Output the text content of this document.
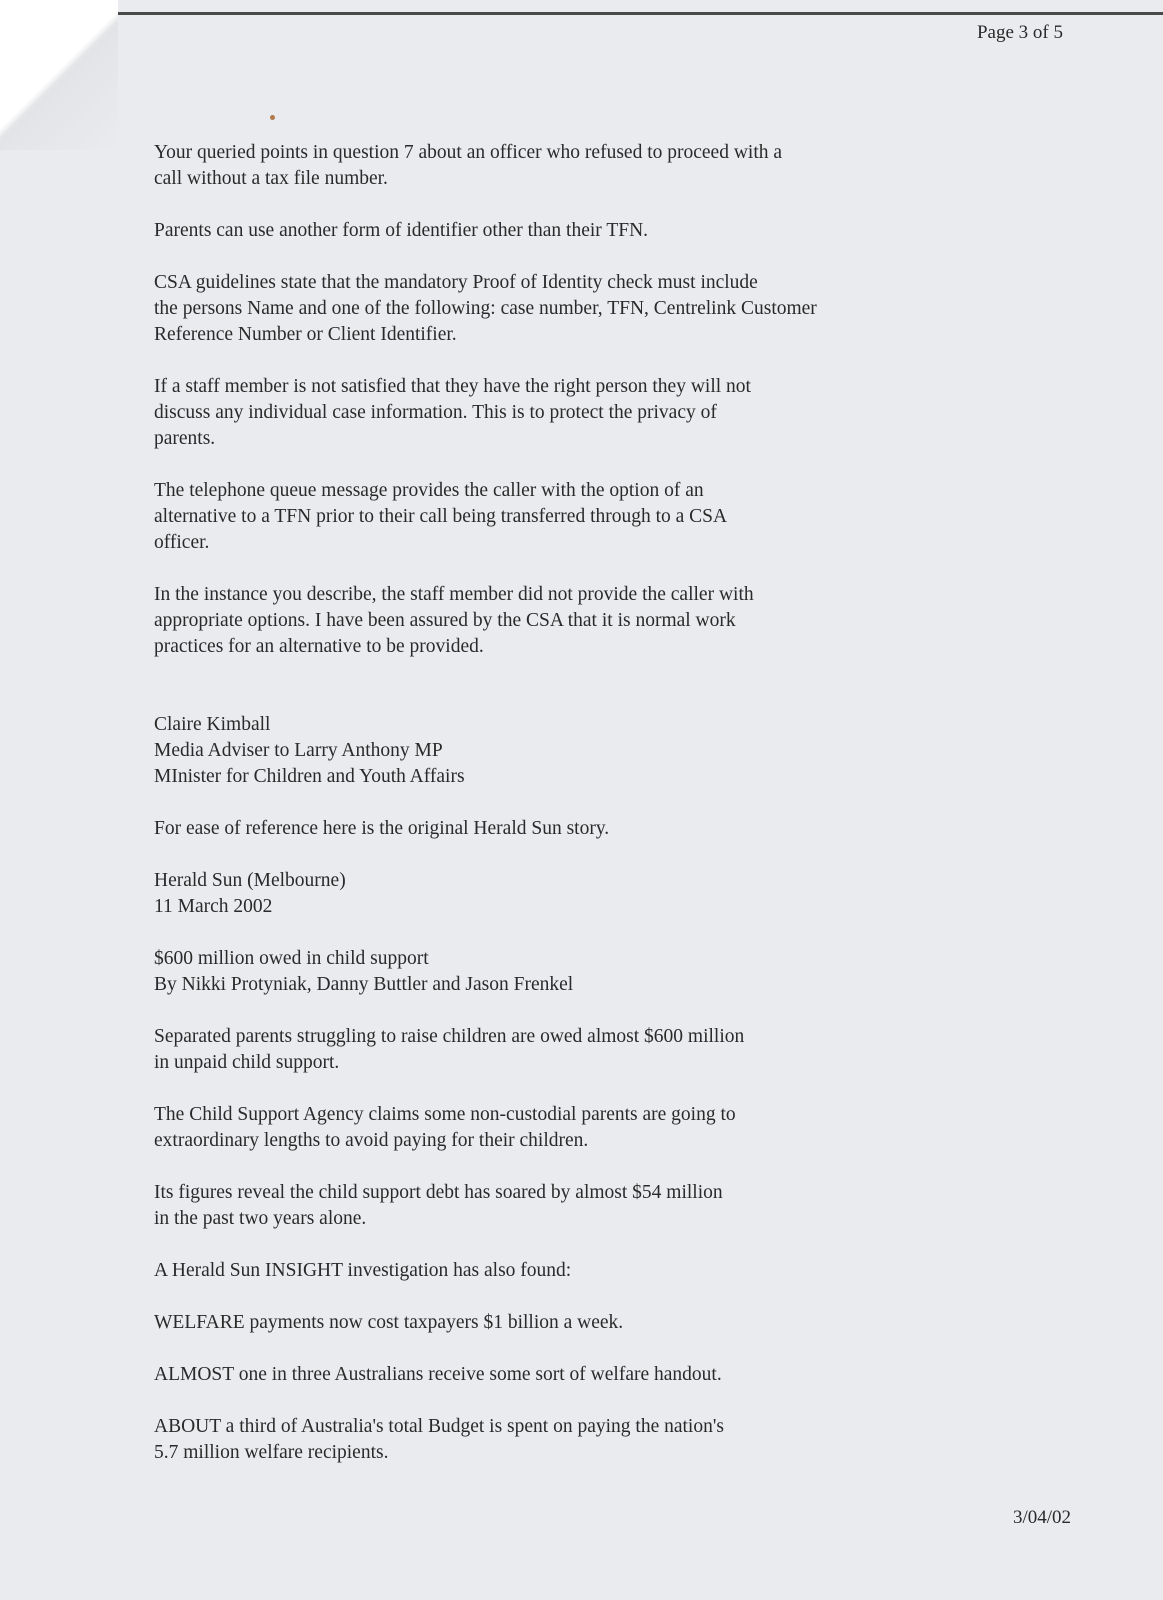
Page 3 of 5

Your queried points in question 7 about an officer who refused to proceed with a
call without a tax file number.

Parents can use another form of identifier other than their TFN.

CSA guidelines state that the mandatory Proof of Identity check must include
the persons Name and one of the following: case number, TFN, Centrelink Customer
Reference Number or Client Identifier.

If a staff member is not satisfied that they have the right person they will not
discuss any individual case information. This is to protect the privacy of
parents.

The telephone queue message provides the caller with the option of an
alternative to a TFN prior to their call being transferred through to a CSA
officer.

In the instance you describe, the staff member did not provide the caller with
appropriate options. I have been assured by the CSA that it is normal work
practices for an alternative to be provided.

Claire Kimball

Media Adviser to Larry Anthony MP

MInister for Children and Youth Affairs

For ease of reference here is the original Herald Sun story.

Herald Sun (Melbourne)

11 March 2002

$600 million owed in child support

By Nikki Protyniak, Danny Buttler and Jason Frenkel

Separated parents struggling to raise children are owed almost $600 million
in unpaid child support.

The Child Support Agency claims some non-custodial parents are going to
extraordinary lengths to avoid paying for their children.

Its figures reveal the child support debt has soared by almost $54 million
in the past two years alone.

A Herald Sun INSIGHT investigation has also found:

WELFARE payments now cost taxpayers $1 billion a week.

ALMOST one in three Australians receive some sort of welfare handout.

ABOUT a third of Australia's total Budget is spent on paying the nation's
5.7 million welfare recipients.

3/04/02
